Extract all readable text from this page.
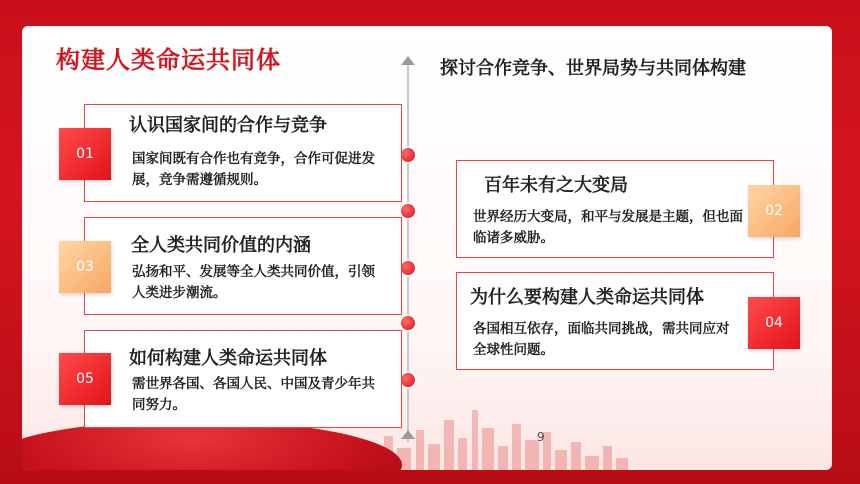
构建人类命运共同体	探讨合作竞争、世界局势与共同体构建
9
01
认识国家间的合作与竞争
国家间既有合作也有竞争，合作可促进发展，竞争需遵循规则。
03
全人类共同价值的内涵
弘扬和平、发展等全人类共同价值，引领人类进步潮流。
05
如何构建人类命运共同体
需世界各国、各国人民、中国及青少年共同努力。
02
百年未有之大变局
世界经历大变局，和平与发展是主题，但也面临诸多威胁。
04
为什么要构建人类命运共同体
各国相互依存，面临共同挑战，需共同应对全球性问题。
